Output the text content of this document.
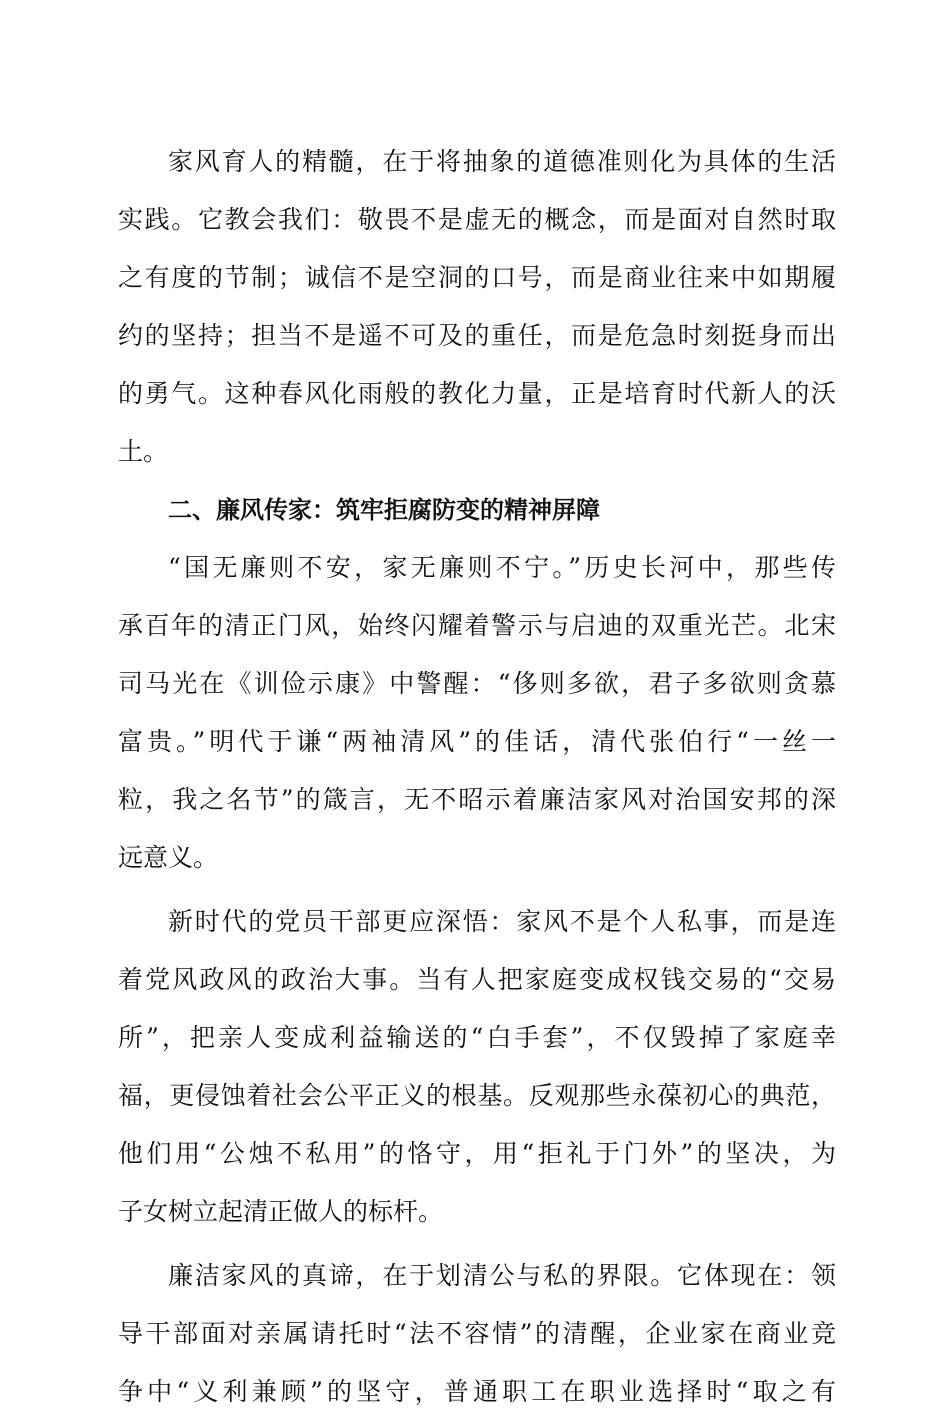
家风育人的精髓，在于将抽象的道德准则化为具体的生活
实践。它教会我们：敬畏不是虚无的概念，而是面对自然时取
之有度的节制；诚信不是空洞的口号，而是商业往来中如期履
约的坚持；担当不是遥不可及的重任，而是危急时刻挺身而出
的勇气。这种春风化雨般的教化力量，正是培育时代新人的沃
土。
二、廉风传家：筑牢拒腐防变的精神屏障
“国无廉则不安，家无廉则不宁。”历史长河中，那些传
承百年的清正门风，始终闪耀着警示与启迪的双重光芒。北宋
司马光在《训俭示康》中警醒：“侈则多欲，君子多欲则贪慕
富贵。”明代于谦“两袖清风”的佳话，清代张伯行“一丝一
粒，我之名节”的箴言，无不昭示着廉洁家风对治国安邦的深
远意义。
新时代的党员干部更应深悟：家风不是个人私事，而是连
着党风政风的政治大事。当有人把家庭变成权钱交易的“交易
所”，把亲人变成利益输送的“白手套”，不仅毁掉了家庭幸
福，更侵蚀着社会公平正义的根基。反观那些永葆初心的典范，
他们用“公烛不私用”的恪守，用“拒礼于门外”的坚决，为
子女树立起清正做人的标杆。
廉洁家风的真谛，在于划清公与私的界限。它体现在：领
导干部面对亲属请托时“法不容情”的清醒，企业家在商业竞
争中“义利兼顾”的坚守，普通职工在职业选择时“取之有
